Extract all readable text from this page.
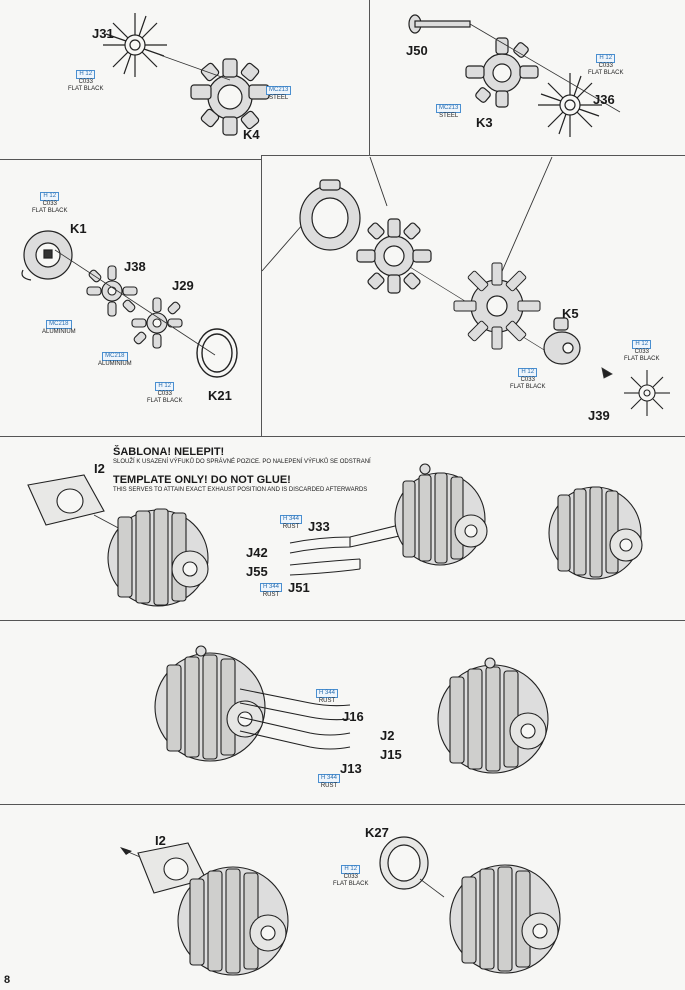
J31
K4
H 12
C033
FLAT BLACK	MC213
STEEL
J50
K3
J36
H 12
C033
FLAT BLACK
MC213
STEEL
K1
J38
J29
K21
H 12
C033
FLAT BLACK
MC218
ALUMINIUM
MC218
ALUMINIUM
H 12
C033
FLAT BLACK
K5
J39
H 12
C033
FLAT BLACK
H 12
C033
FLAT BLACK
ŠABLONA! NELEPIT!
SLOUŽÍ K USAZENÍ VÝFUKŮ DO SPRÁVNÉ POZICE. PO NALEPENÍ VÝFUKŮ SE ODSTRANÍ
TEMPLATE ONLY! DO NOT GLUE!
THIS SERVES TO ATTAIN EXACT EXHAUST POSITION AND IS DISCARDED AFTERWARDS
I2
J33
J42
J55
J51
H 344
RUST
H 344
RUST
J16
J2
J15
J13
H 344
RUST
H 344
RUST
I2
K27
H 12
C033
FLAT BLACK
8
